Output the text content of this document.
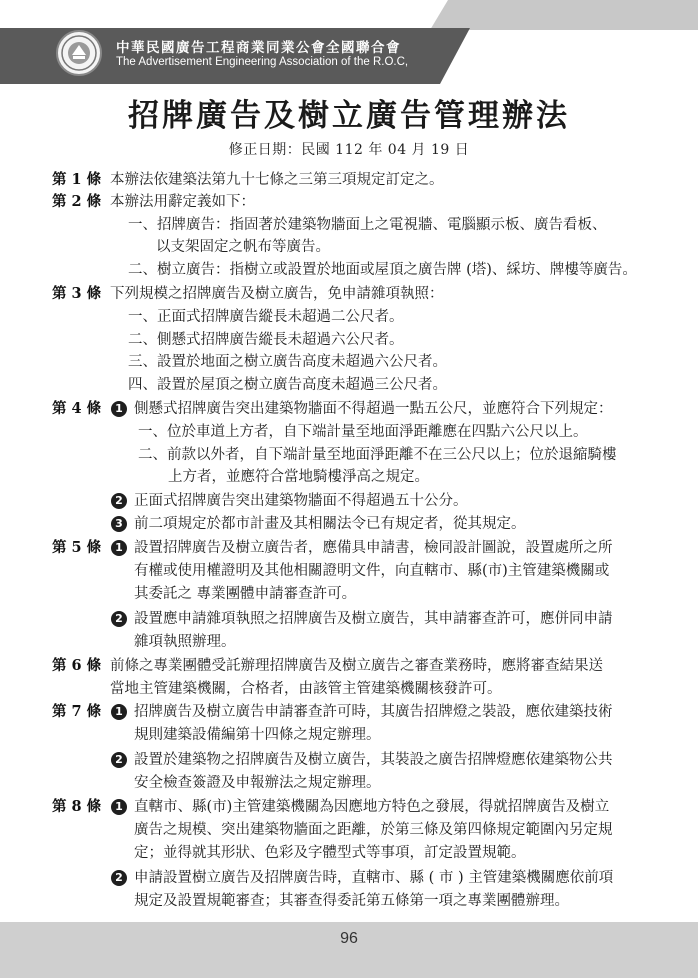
中華民國廣告工程商業同業公會全國聯合會
The Advertisement Engineering Association of the R.O.C,
招牌廣告及樹立廣告管理辦法
修正日期：民國 112 年 04 月 19 日
第 1 條 本辦法依建築法第九十七條之三第三項規定訂定之。
第 2 條 本辦法用辭定義如下：
一、招牌廣告：指固著於建築物牆面上之電視牆、電腦顯示板、廣告看板、
以支架固定之帆布等廣告。
二、樹立廣告：指樹立或設置於地面或屋頂之廣告牌 (塔)、綵坊、牌樓等廣告。
第 3 條 下列規模之招牌廣告及樹立廣告，免申請雜項執照：
一、正面式招牌廣告縱長未超過二公尺者。
二、側懸式招牌廣告縱長未超過六公尺者。
三、設置於地面之樹立廣告高度未超過六公尺者。
四、設置於屋頂之樹立廣告高度未超過三公尺者。
第 4 條	1 側懸式招牌廣告突出建築物牆面不得超過一點五公尺，並應符合下列規定：
一、位於車道上方者，自下端計量至地面淨距離應在四點六公尺以上。
二、前款以外者，自下端計量至地面淨距離不在三公尺以上；位於退縮騎樓
上方者，並應符合當地騎樓淨高之規定。
2 正面式招牌廣告突出建築物牆面不得超過五十公分。
3 前二項規定於都市計畫及其相關法令已有規定者，從其規定。
第 5 條	1 設置招牌廣告及樹立廣告者，應備具申請書，檢同設計圖說，設置處所之所
有權或使用權證明及其他相關證明文件，向直轄市、縣(市)主管建築機關或
其委託之 專業團體申請審查許可。
2 設置應申請雜項執照之招牌廣告及樹立廣告，其申請審查許可，應併同申請
雜項執照辦理。
第 6 條 前條之專業團體受託辦理招牌廣告及樹立廣告之審查業務時，應將審查結果送
當地主管建築機關，合格者，由該管主管建築機關核發許可。
第 7 條	1 招牌廣告及樹立廣告申請審查許可時，其廣告招牌燈之裝設，應依建築技術
規則建築設備編第十四條之規定辦理。
2 設置於建築物之招牌廣告及樹立廣告，其裝設之廣告招牌燈應依建築物公共
安全檢查簽證及申報辦法之規定辦理。
第 8 條	1 直轄市、縣(市)主管建築機關為因應地方特色之發展，得就招牌廣告及樹立
廣告之規模、突出建築物牆面之距離，於第三條及第四條規定範圍內另定規
定；並得就其形狀、色彩及字體型式等事項，訂定設置規範。
2 申請設置樹立廣告及招牌廣告時，直轄市、縣 ( 市 ) 主管建築機關應依前項
規定及設置規範審查；其審查得委託第五條第一項之專業團體辦理。
96
